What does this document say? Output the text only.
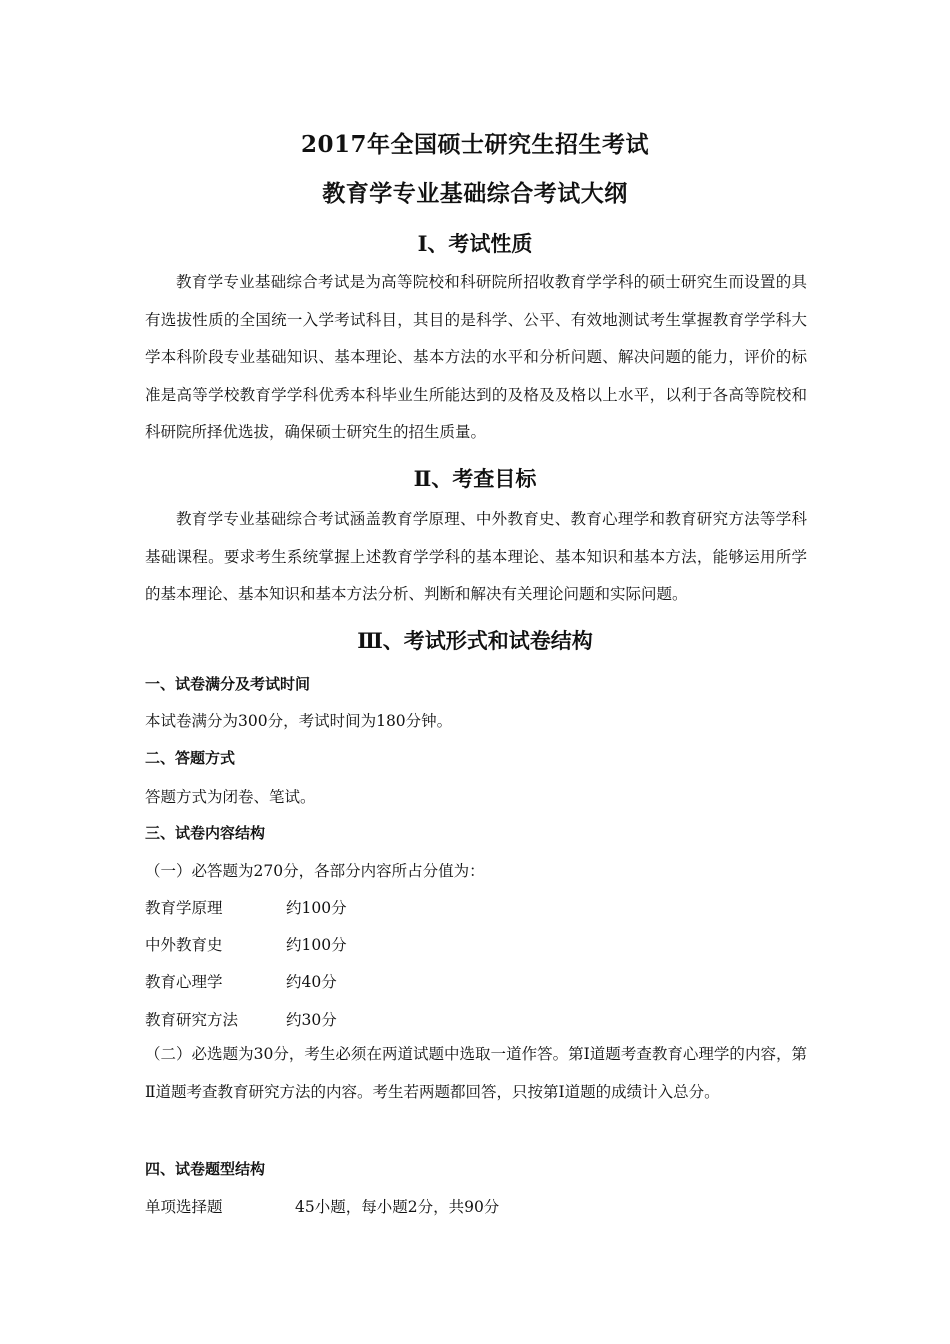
2017年全国硕士研究生招生考试
教育学专业基础综合考试大纲
Ⅰ、考试性质
教育学专业基础综合考试是为高等院校和科研院所招收教育学学科的硕士研究生而设置的具有选拔性质的全国统一入学考试科目，其目的是科学、公平、有效地测试考生掌握教育学学科大学本科阶段专业基础知识、基本理论、基本方法的水平和分析问题、解决问题的能力，评价的标准是高等学校教育学学科优秀本科毕业生所能达到的及格及及格以上水平，以利于各高等院校和科研院所择优选拔，确保硕士研究生的招生质量。
Ⅱ、考查目标
教育学专业基础综合考试涵盖教育学原理、中外教育史、教育心理学和教育研究方法等学科基础课程。要求考生系统掌握上述教育学学科的基本理论、基本知识和基本方法，能够运用所学的基本理论、基本知识和基本方法分析、判断和解决有关理论问题和实际问题。
Ⅲ、考试形式和试卷结构
一、试卷满分及考试时间
本试卷满分为300分，考试时间为180分钟。
二、答题方式
答题方式为闭卷、笔试。
三、试卷内容结构
（一）必答题为270分，各部分内容所占分值为：
教育学原理	约100分
中外教育史	约100分
教育心理学	约40分
教育研究方法	约30分
（二）必选题为30分，考生必须在两道试题中选取一道作答。第Ⅰ道题考查教育心理学的内容，第Ⅱ道题考查教育研究方法的内容。考生若两题都回答，只按第Ⅰ道题的成绩计入总分。
四、试卷题型结构
单项选择题	45小题，每小题2分，共90分
